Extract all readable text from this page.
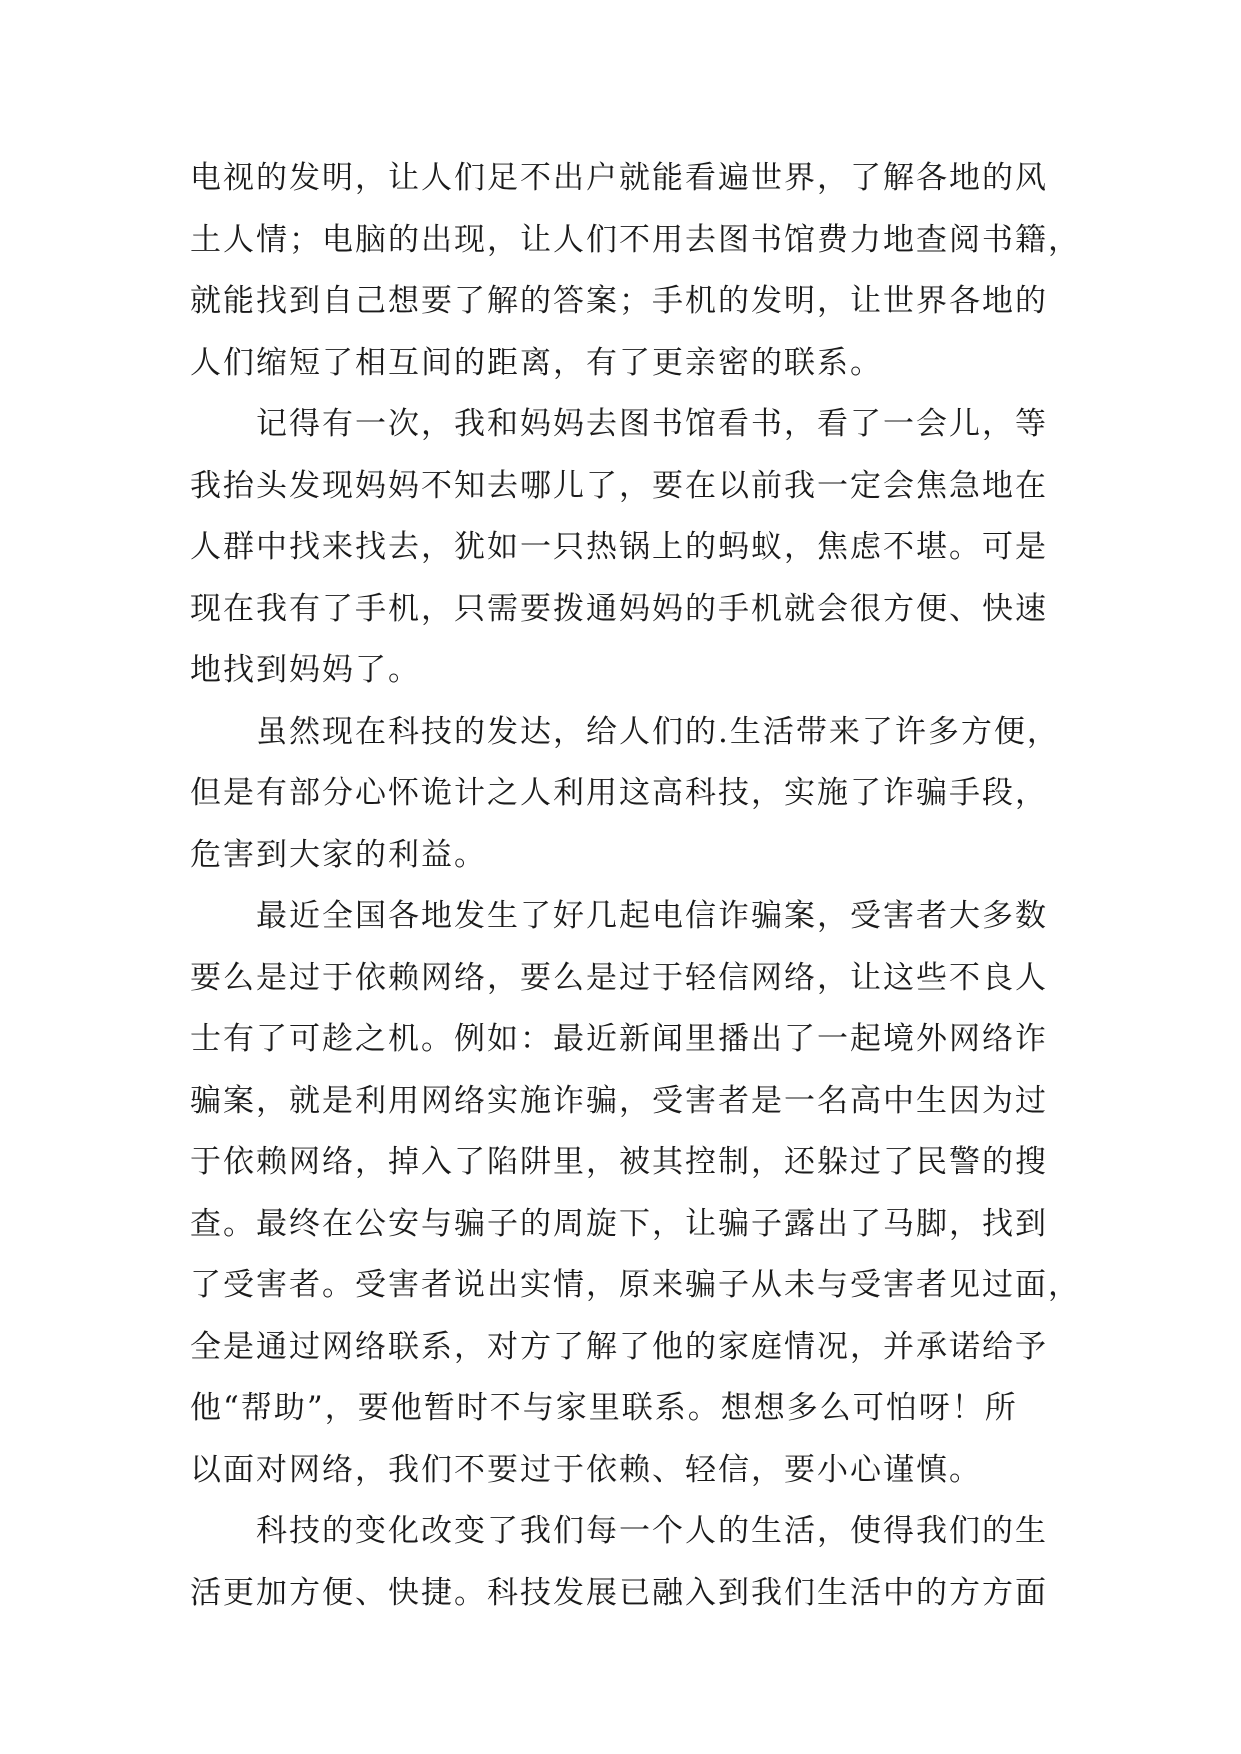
电视的发明，让人们足不出户就能看遍世界，了解各地的风
土人情；电脑的出现，让人们不用去图书馆费力地查阅书籍，
就能找到自己想要了解的答案；手机的发明，让世界各地的
人们缩短了相互间的距离，有了更亲密的联系。
记得有一次，我和妈妈去图书馆看书，看了一会儿，等
我抬头发现妈妈不知去哪儿了，要在以前我一定会焦急地在
人群中找来找去，犹如一只热锅上的蚂蚁，焦虑不堪。可是
现在我有了手机，只需要拨通妈妈的手机就会很方便、快速
地找到妈妈了。
虽然现在科技的发达，给人们的.生活带来了许多方便，
但是有部分心怀诡计之人利用这高科技，实施了诈骗手段，
危害到大家的利益。
最近全国各地发生了好几起电信诈骗案，受害者大多数
要么是过于依赖网络，要么是过于轻信网络，让这些不良人
士有了可趁之机。例如：最近新闻里播出了一起境外网络诈
骗案，就是利用网络实施诈骗，受害者是一名高中生因为过
于依赖网络，掉入了陷阱里，被其控制，还躲过了民警的搜
查。最终在公安与骗子的周旋下，让骗子露出了马脚，找到
了受害者。受害者说出实情，原来骗子从未与受害者见过面，
全是通过网络联系，对方了解了他的家庭情况，并承诺给予
他“帮助”，要他暂时不与家里联系。想想多么可怕呀！所
以面对网络，我们不要过于依赖、轻信，要小心谨慎。
科技的变化改变了我们每一个人的生活，使得我们的生
活更加方便、快捷。科技发展已融入到我们生活中的方方面
